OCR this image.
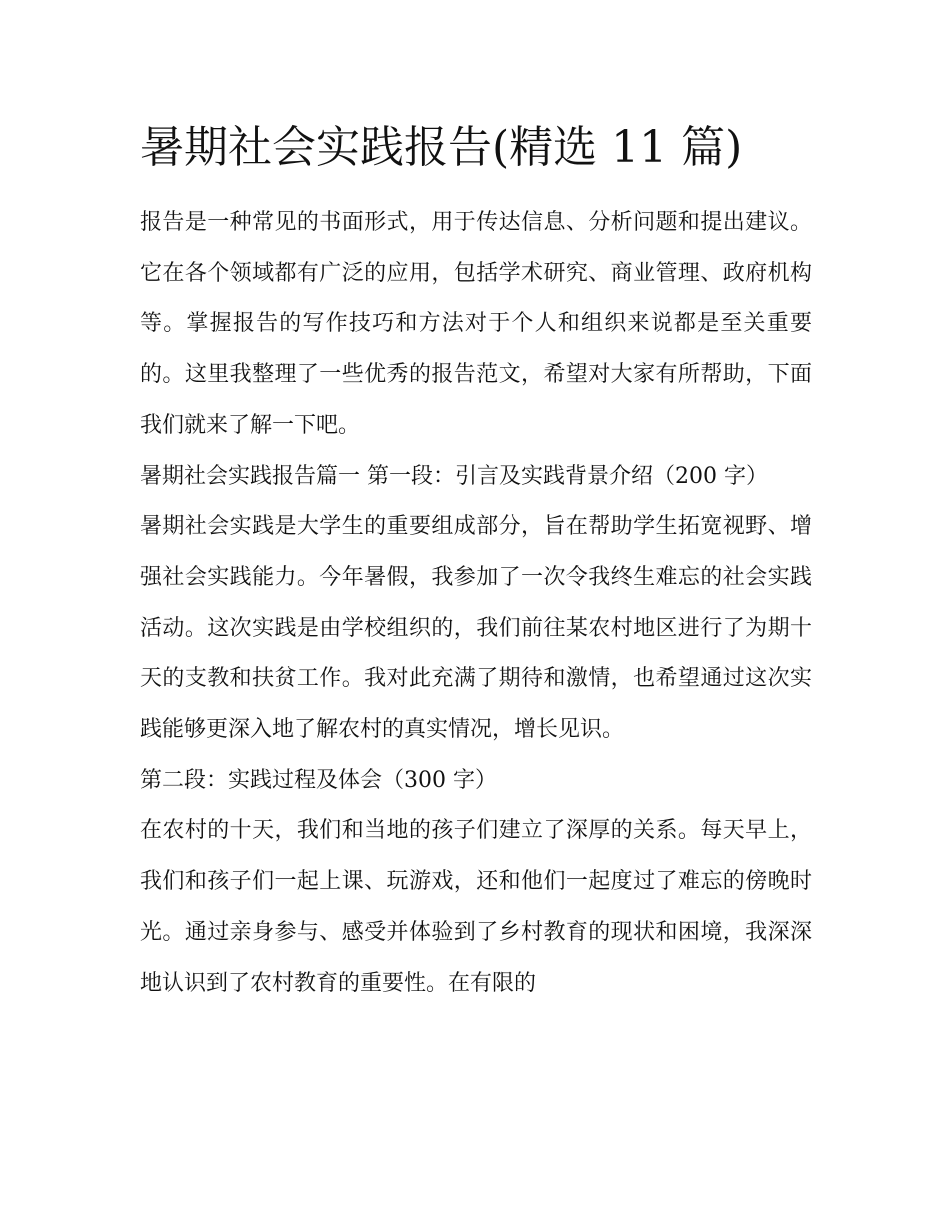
暑期社会实践报告(精选 11 篇)

报告是一种常见的书面形式，用于传达信息、分析问题和提出建议。它在各个领域都有广泛的应用，包括学术研究、商业管理、政府机构等。掌握报告的写作技巧和方法对于个人和组织来说都是至关重要的。这里我整理了一些优秀的报告范文，希望对大家有所帮助，下面我们就来了解一下吧。

暑期社会实践报告篇一 第一段：引言及实践背景介绍（200 字）

暑期社会实践是大学生的重要组成部分，旨在帮助学生拓宽视野、增强社会实践能力。今年暑假，我参加了一次令我终生难忘的社会实践活动。这次实践是由学校组织的，我们前往某农村地区进行了为期十天的支教和扶贫工作。我对此充满了期待和激情，也希望通过这次实践能够更深入地了解农村的真实情况，增长见识。

第二段：实践过程及体会（300 字）

在农村的十天，我们和当地的孩子们建立了深厚的关系。每天早上，我们和孩子们一起上课、玩游戏，还和他们一起度过了难忘的傍晚时光。通过亲身参与、感受并体验到了乡村教育的现状和困境，我深深地认识到了农村教育的重要性。在有限的
